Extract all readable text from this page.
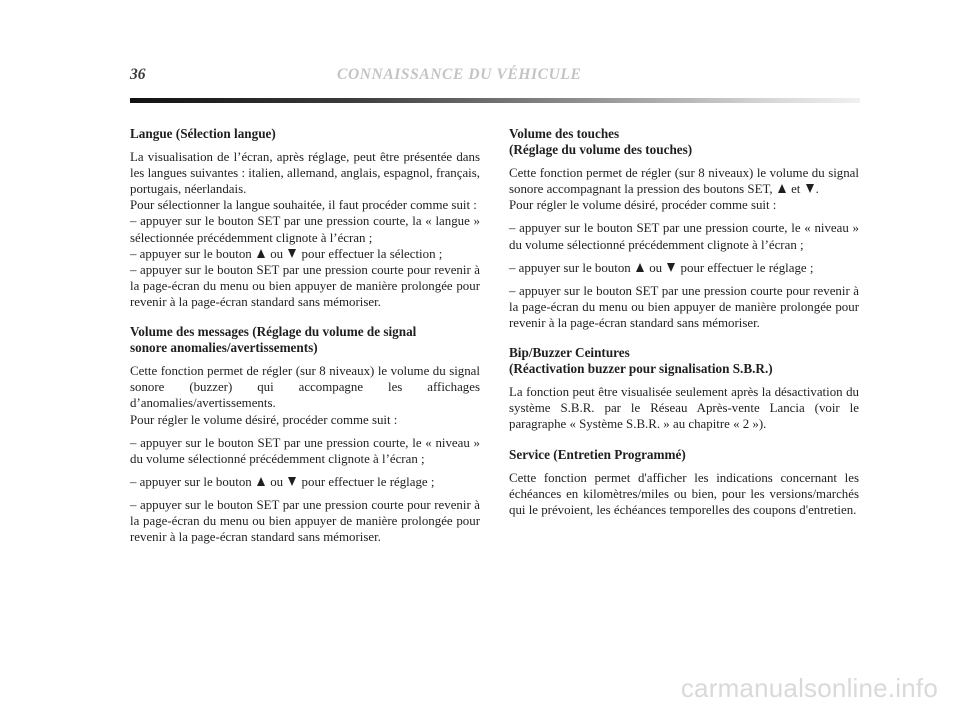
36	CONNAISSANCE DU VÉHICULE
Langue (Sélection langue)

La visualisation de l’écran, après réglage, peut être présentée dans les langues suivantes : italien, allemand, anglais, espagnol, français, portugais, néerlandais.
Pour sélectionner la langue souhaitée, il faut procéder comme suit :
– appuyer sur le bouton SET par une pression courte, la « langue » sélectionnée précédemment clignote à l’écran ;
– appuyer sur le bouton ou pour effectuer la sélection ;
– appuyer sur le bouton SET par une pression courte pour revenir à la page-écran du menu ou bien appuyer de manière prolongée pour revenir à la page-écran standard sans mémoriser.

Volume des messages (Réglage du volume de signal
sonore anomalies/avertissements)

Cette fonction permet de régler (sur 8 niveaux) le volume du signal sonore (buzzer) qui accompagne les affichages d’anomalies/avertissements.
Pour régler le volume désiré, procéder comme suit :

– appuyer sur le bouton SET par une pression courte, le « niveau » du volume sélectionné précédemment clignote à l’écran ;

– appuyer sur le bouton ou pour effectuer le réglage ;

– appuyer sur le bouton SET par une pression courte pour revenir à la page-écran du menu ou bien appuyer de manière prolongée pour revenir à la page-écran standard sans mémoriser.

Volume des touches
(Réglage du volume des touches)

Cette fonction permet de régler (sur 8 niveaux) le volume du signal sonore accompagnant la pression des boutons SET, et .
Pour régler le volume désiré, procéder comme suit :

– appuyer sur le bouton SET par une pression courte, le « niveau » du volume sélectionné précédemment clignote à l’écran ;

– appuyer sur le bouton ou pour effectuer le réglage ;

– appuyer sur le bouton SET par une pression courte pour revenir à la page-écran du menu ou bien appuyer de manière prolongée pour revenir à la page-écran standard sans mémoriser.

Bip/Buzzer Ceintures
(Réactivation buzzer pour signalisation S.B.R.)

La fonction peut être visualisée seulement après la désactivation du système S.B.R. par le Réseau Après-vente Lancia (voir le paragraphe « Système S.B.R. » au chapitre « 2 »).

Service (Entretien Programmé)

Cette fonction permet d'afficher les indications concernant les échéances en kilomètres/miles ou bien, pour les versions/marchés qui le prévoient, les échéances temporelles des coupons d'entretien.

carmanualsonline.info
